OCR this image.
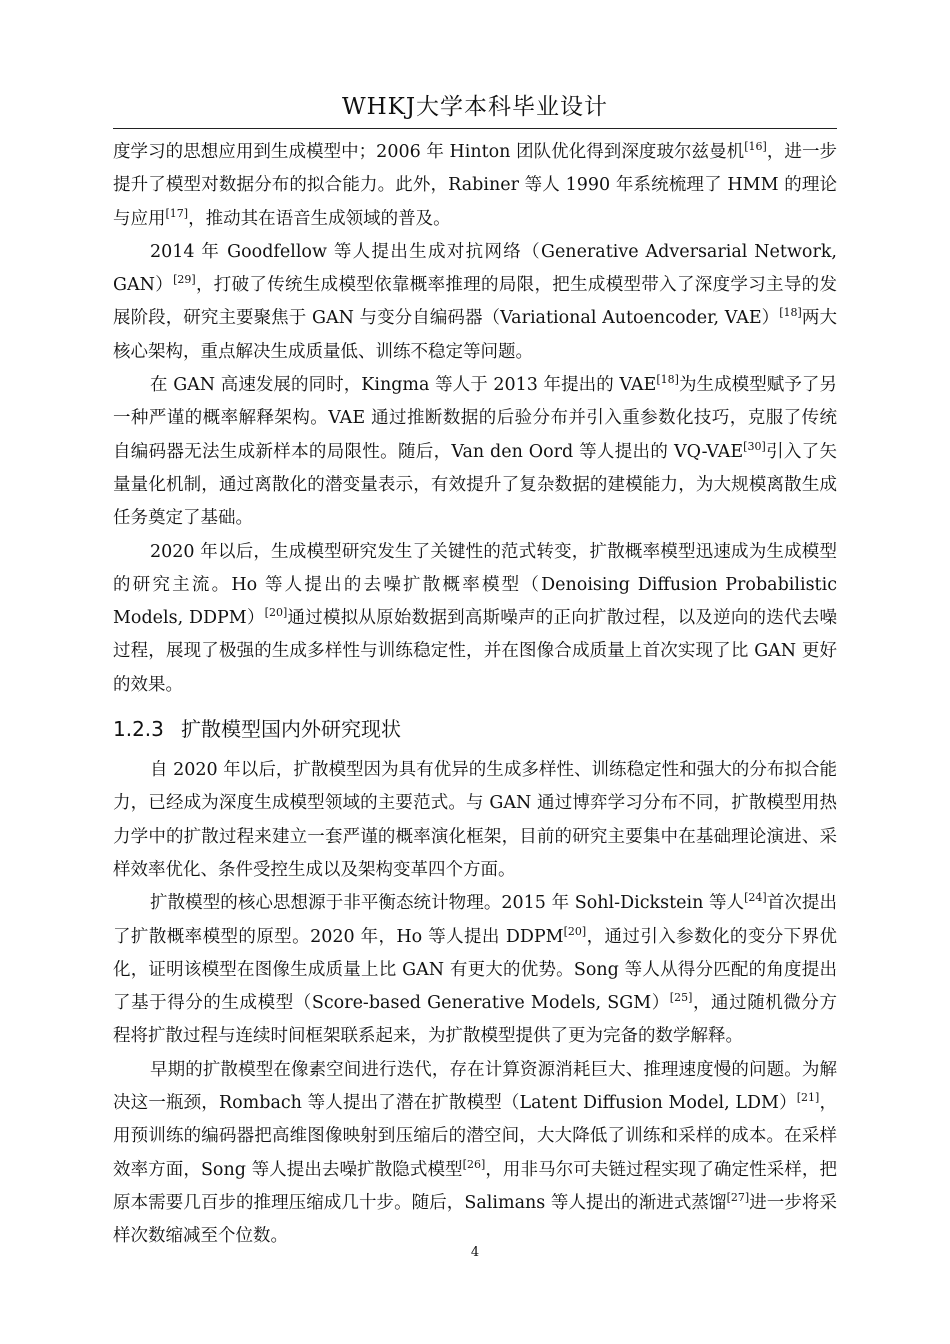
WHKJ大学本科毕业设计

度学习的思想应用到生成模型中；2006 年 Hinton 团队优化得到深度玻尔兹曼机[16]，进一步提升了模型对数据分布的拟合能力。此外，Rabiner 等人 1990 年系统梳理了 HMM 的理论与应用[17]，推动其在语音生成领域的普及。

2014 年 Goodfellow 等人提出生成对抗网络（Generative Adversarial Network, GAN）[29]，打破了传统生成模型依靠概率推理的局限，把生成模型带入了深度学习主导的发展阶段，研究主要聚焦于 GAN 与变分自编码器（Variational Autoencoder, VAE）[18]两大核心架构，重点解决生成质量低、训练不稳定等问题。

在 GAN 高速发展的同时，Kingma 等人于 2013 年提出的 VAE[18]为生成模型赋予了另一种严谨的概率解释架构。VAE 通过推断数据的后验分布并引入重参数化技巧，克服了传统自编码器无法生成新样本的局限性。随后，Van den Oord 等人提出的 VQ-VAE[30]引入了矢量量化机制，通过离散化的潜变量表示，有效提升了复杂数据的建模能力，为大规模离散生成任务奠定了基础。

2020 年以后，生成模型研究发生了关键性的范式转变，扩散概率模型迅速成为生成模型的研究主流。Ho 等人提出的去噪扩散概率模型（Denoising Diffusion Probabilistic Models, DDPM）[20]通过模拟从原始数据到高斯噪声的正向扩散过程，以及逆向的迭代去噪过程，展现了极强的生成多样性与训练稳定性，并在图像合成质量上首次实现了比 GAN 更好的效果。

1.2.3 扩散模型国内外研究现状

自 2020 年以后，扩散模型因为具有优异的生成多样性、训练稳定性和强大的分布拟合能力，已经成为深度生成模型领域的主要范式。与 GAN 通过博弈学习分布不同，扩散模型用热力学中的扩散过程来建立一套严谨的概率演化框架，目前的研究主要集中在基础理论演进、采样效率优化、条件受控生成以及架构变革四个方面。

扩散模型的核心思想源于非平衡态统计物理。2015 年 Sohl-Dickstein 等人[24]首次提出了扩散概率模型的原型。2020 年，Ho 等人提出 DDPM[20]，通过引入参数化的变分下界优化，证明该模型在图像生成质量上比 GAN 有更大的优势。Song 等人从得分匹配的角度提出了基于得分的生成模型（Score-based Generative Models, SGM）[25]，通过随机微分方程将扩散过程与连续时间框架联系起来，为扩散模型提供了更为完备的数学解释。

早期的扩散模型在像素空间进行迭代，存在计算资源消耗巨大、推理速度慢的问题。为解决这一瓶颈，Rombach 等人提出了潜在扩散模型（Latent Diffusion Model, LDM）[21]，用预训练的编码器把高维图像映射到压缩后的潜空间，大大降低了训练和采样的成本。在采样效率方面，Song 等人提出去噪扩散隐式模型[26]，用非马尔可夫链过程实现了确定性采样，把原本需要几百步的推理压缩成几十步。随后，Salimans 等人提出的渐进式蒸馏[27]进一步将采样次数缩减至个位数。

4
